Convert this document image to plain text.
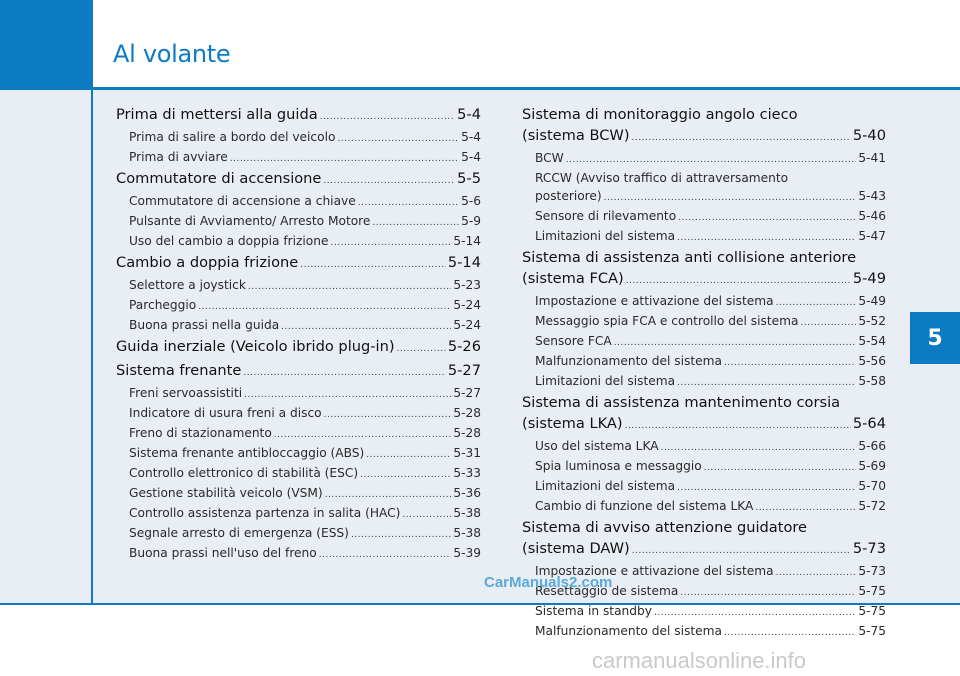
Al volante
5
Prima di mettersi alla guida .....	5-4
Prima di salire a bordo del veicolo .....	5-4
Prima di avviare .....	5-4
Commutatore di accensione .....	5-5
Commutatore di accensione a chiave .....	5-6
Pulsante di Avviamento/ Arresto Motore .....	5-9
Uso del cambio a doppia frizione .....	5-14
Cambio a doppia frizione .....	5-14
Selettore a joystick .....	5-23
Parcheggio .....	5-24
Buona prassi nella guida .....	5-24
Guida inerziale (Veicolo ibrido plug-in) .....	5-26
Sistema frenante .....	5-27
Freni servoassistiti .....	5-27
Indicatore di usura freni a disco .....	5-28
Freno di stazionamento .....	5-28
Sistema frenante antibloccaggio (ABS) .....	5-31
Controllo elettronico di stabilità (ESC) .....	5-33
Gestione stabilità veicolo (VSM) .....	5-36
Controllo assistenza partenza in salita (HAC) .....	5-38
Segnale arresto di emergenza (ESS) .....	5-38
Buona prassi nell'uso del freno .....	5-39
Sistema di monitoraggio angolo cieco
(sistema BCW) .....	5-40
BCW .....	5-41
RCCW (Avviso traffico di attraversamento
posteriore) .....	5-43
Sensore di rilevamento .....	5-46
Limitazioni del sistema .....	5-47
Sistema di assistenza anti collisione anteriore
(sistema FCA) .....	5-49
Impostazione e attivazione del sistema .....	5-49
Messaggio spia FCA e controllo del sistema .....	5-52
Sensore FCA .....	5-54
Malfunzionamento del sistema .....	5-56
Limitazioni del sistema .....	5-58
Sistema di assistenza mantenimento corsia
(sistema LKA) .....	5-64
Uso del sistema LKA .....	5-66
Spia luminosa e messaggio .....	5-69
Limitazioni del sistema .....	5-70
Cambio di funzione del sistema LKA .....	5-72
Sistema di avviso attenzione guidatore
(sistema DAW) .....	5-73
Impostazione e attivazione del sistema .....	5-73
Resettaggio de sistema .....	5-75
Sistema in standby .....	5-75
Malfunzionamento del sistema .....	5-75
CarManuals2.com
carmanualsonline.info
